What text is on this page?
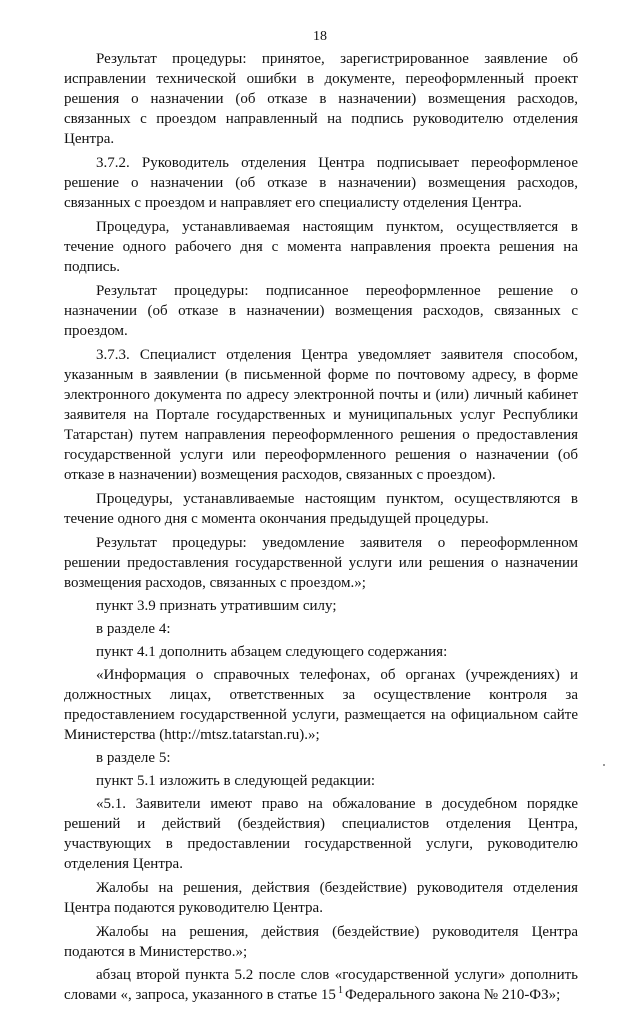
18

Результат процедуры: принятое, зарегистрированное заявление об исправлении технической ошибки в документе, переоформленный проект решения о назначении (об отказе в назначении) возмещения расходов, связанных с проездом направленный на подпись руководителю отделения Центра.

3.7.2. Руководитель отделения Центра подписывает переоформленое решение о назначении (об отказе в назначении) возмещения расходов, связанных с проездом и направляет его специалисту отделения Центра.

Процедура, устанавливаемая настоящим пунктом, осуществляется в течение одного рабочего дня с момента направления проекта решения на подпись.

Результат процедуры: подписанное переоформленное решение о назначении (об отказе в назначении) возмещения расходов, связанных с проездом.

3.7.3. Специалист отделения Центра уведомляет заявителя способом, указанным в заявлении (в письменной форме по почтовому адресу, в форме электронного документа по адресу электронной почты и (или) личный кабинет заявителя на Портале государственных и муниципальных услуг Республики Татарстан) путем направления переоформленного решения о предоставления государственной услуги или переоформленного решения о назначении (об отказе в назначении) возмещения расходов, связанных с проездом).

Процедуры, устанавливаемые настоящим пунктом, осуществляются в течение одного дня с момента окончания предыдущей процедуры.

Результат процедуры: уведомление заявителя о переоформленном решении предоставления государственной услуги или решения о назначении возмещения расходов, связанных с проездом.»;

пункт 3.9 признать утратившим силу;

в разделе 4:

пункт 4.1 дополнить абзацем следующего содержания:

«Информация о справочных телефонах, об органах (учреждениях) и должностных лицах, ответственных за осуществление контроля за предоставлением государственной услуги, размещается на официальном сайте Министерства (http://mtsz.tatarstan.ru).»;

в разделе 5:

пункт 5.1 изложить в следующей редакции:

«5.1. Заявители имеют право на обжалование в досудебном порядке решений и действий (бездействия) специалистов отделения Центра, участвующих в предоставлении государственной услуги, руководителю отделения Центра.

Жалобы на решения, действия (бездействие) руководителя отделения Центра подаются руководителю Центра.

Жалобы на решения, действия (бездействие) руководителя Центра подаются в Министерство.»;

абзац второй пункта 5.2 после слов «государственной услуги» дополнить словами «, запроса, указанного в статье 15 $^1$ Федерального закона № 210-ФЗ»;
